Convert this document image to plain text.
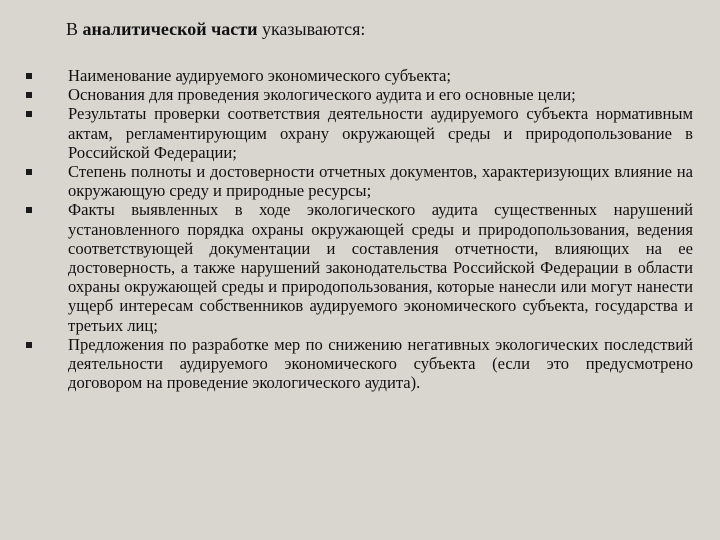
В аналитической части указываются:
Наименование аудируемого экономического субъекта;
Основания для проведения экологического аудита и его основные цели;
Результаты проверки соответствия деятельности аудируемого субъекта нормативным актам, регламентирующим охрану окружающей среды и природопользование в Российской Федерации;
Степень полноты и достоверности отчетных документов, характеризующих влияние на окружающую среду и природные ресурсы;
Факты выявленных в ходе экологического аудита существенных нарушений установленного порядка охраны окружающей среды и природопользования, ведения соответствующей документации и составления отчетности, влияющих на ее достоверность, а также нарушений законодательства Российской Федерации в области охраны окружающей среды и природопользования, которые нанесли или могут нанести ущерб интересам собственников аудируемого экономического субъекта, государства и третьих лиц;
Предложения по разработке мер по снижению негативных экологических последствий деятельности аудируемого экономического субъекта (если это предусмотрено договором на проведение экологического аудита).
